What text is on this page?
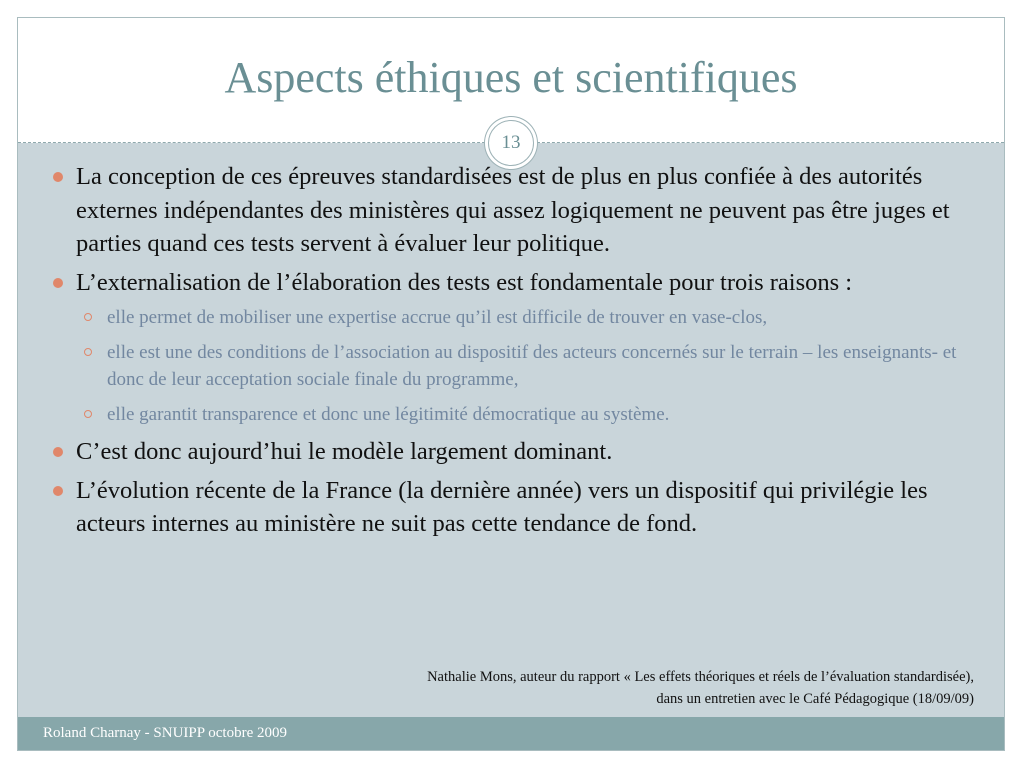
Aspects éthiques et scientifiques
13
La conception de ces épreuves standardisées est de plus en plus confiée à des autorités externes indépendantes des ministères qui assez logiquement ne peuvent pas être juges et parties quand ces tests servent à évaluer leur politique.
L’externalisation de l’élaboration des tests est fondamentale pour trois raisons :
elle permet de mobiliser une expertise accrue qu’il est difficile de trouver en vase-clos,
elle est une des conditions de l’association au dispositif des acteurs concernés sur le terrain – les enseignants- et donc de leur acceptation sociale finale du programme,
elle garantit transparence et donc une légitimité démocratique au système.
C’est donc aujourd’hui le modèle largement dominant.
L’évolution récente de la France (la dernière année) vers un dispositif qui privilégie les acteurs internes au ministère ne suit pas cette tendance de fond.
Nathalie Mons, auteur du rapport « Les effets théoriques et réels de l’évaluation standardisée),
dans un entretien avec le Café Pédagogique (18/09/09)
Roland Charnay - SNUIPP octobre 2009
